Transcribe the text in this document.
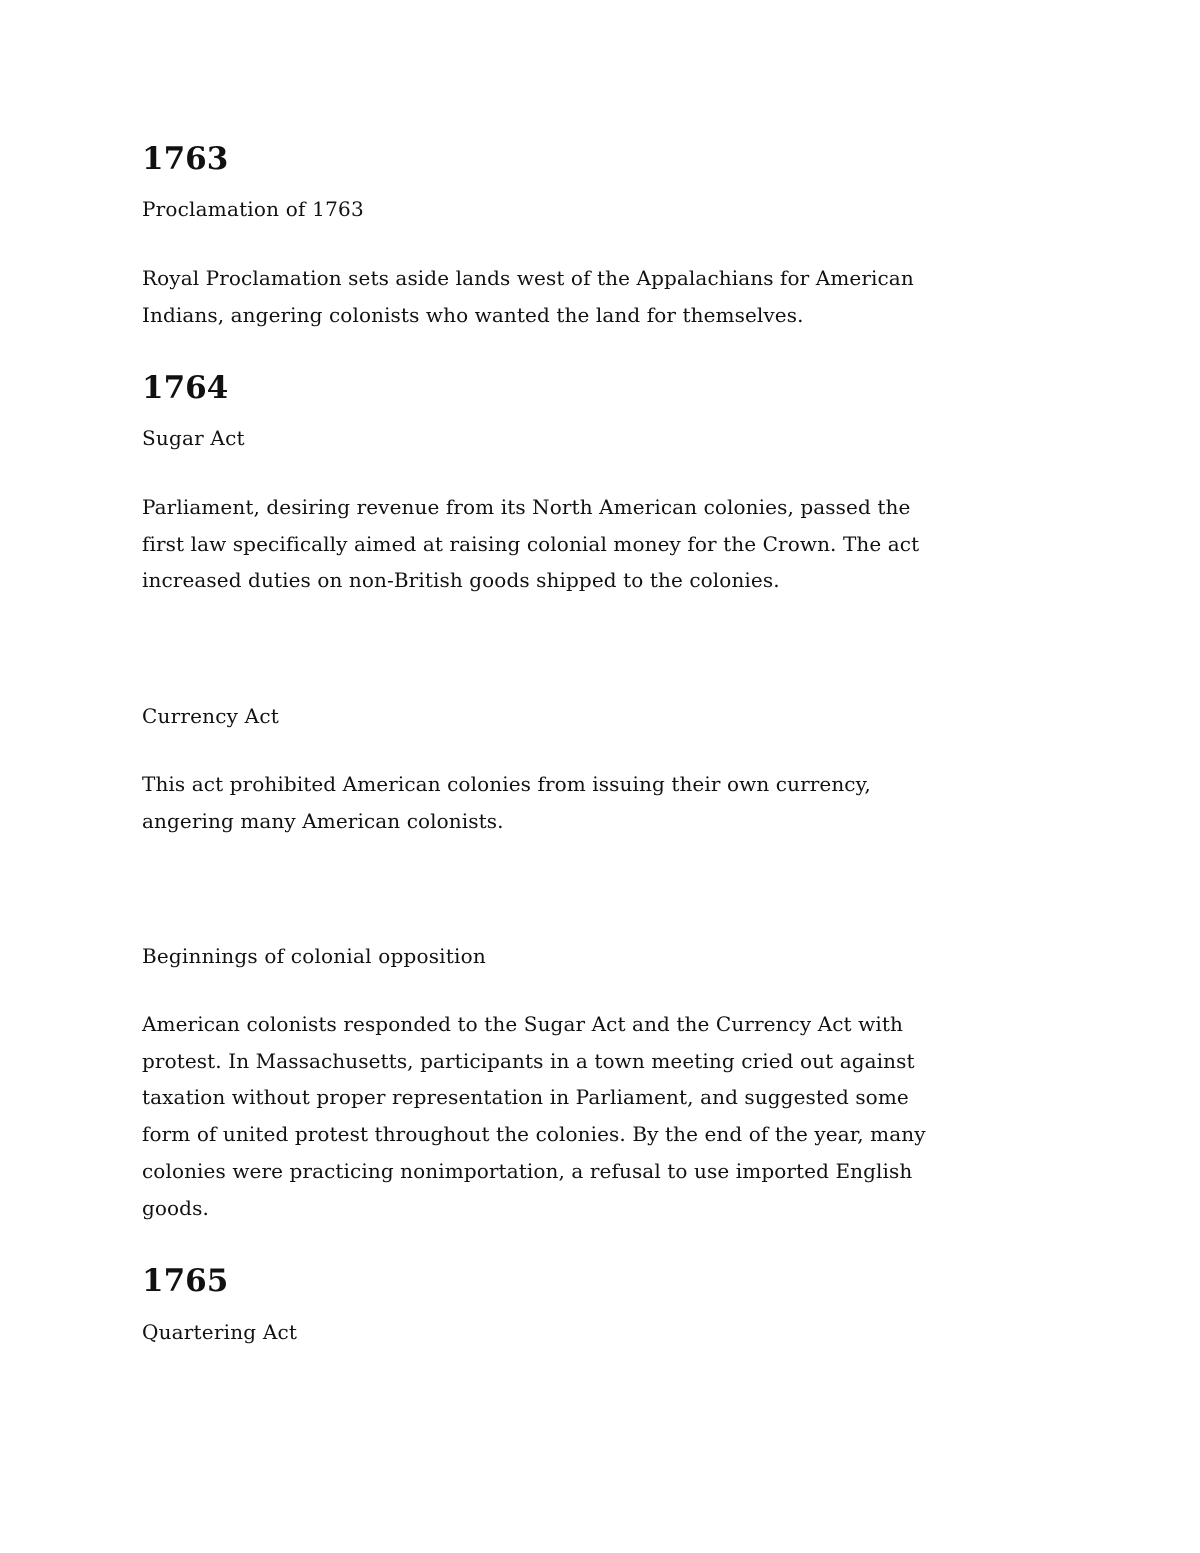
1763
Proclamation of 1763
Royal Proclamation sets aside lands west of the Appalachians for American
Indians, angering colonists who wanted the land for themselves.
1764
Sugar Act
Parliament, desiring revenue from its North American colonies, passed the
first law specifically aimed at raising colonial money for the Crown. The act
increased duties on non-British goods shipped to the colonies.
Currency Act
This act prohibited American colonies from issuing their own currency,
angering many American colonists.
Beginnings of colonial opposition
American colonists responded to the Sugar Act and the Currency Act with
protest. In Massachusetts, participants in a town meeting cried out against
taxation without proper representation in Parliament, and suggested some
form of united protest throughout the colonies. By the end of the year, many
colonies were practicing nonimportation, a refusal to use imported English
goods.
1765
Quartering Act
